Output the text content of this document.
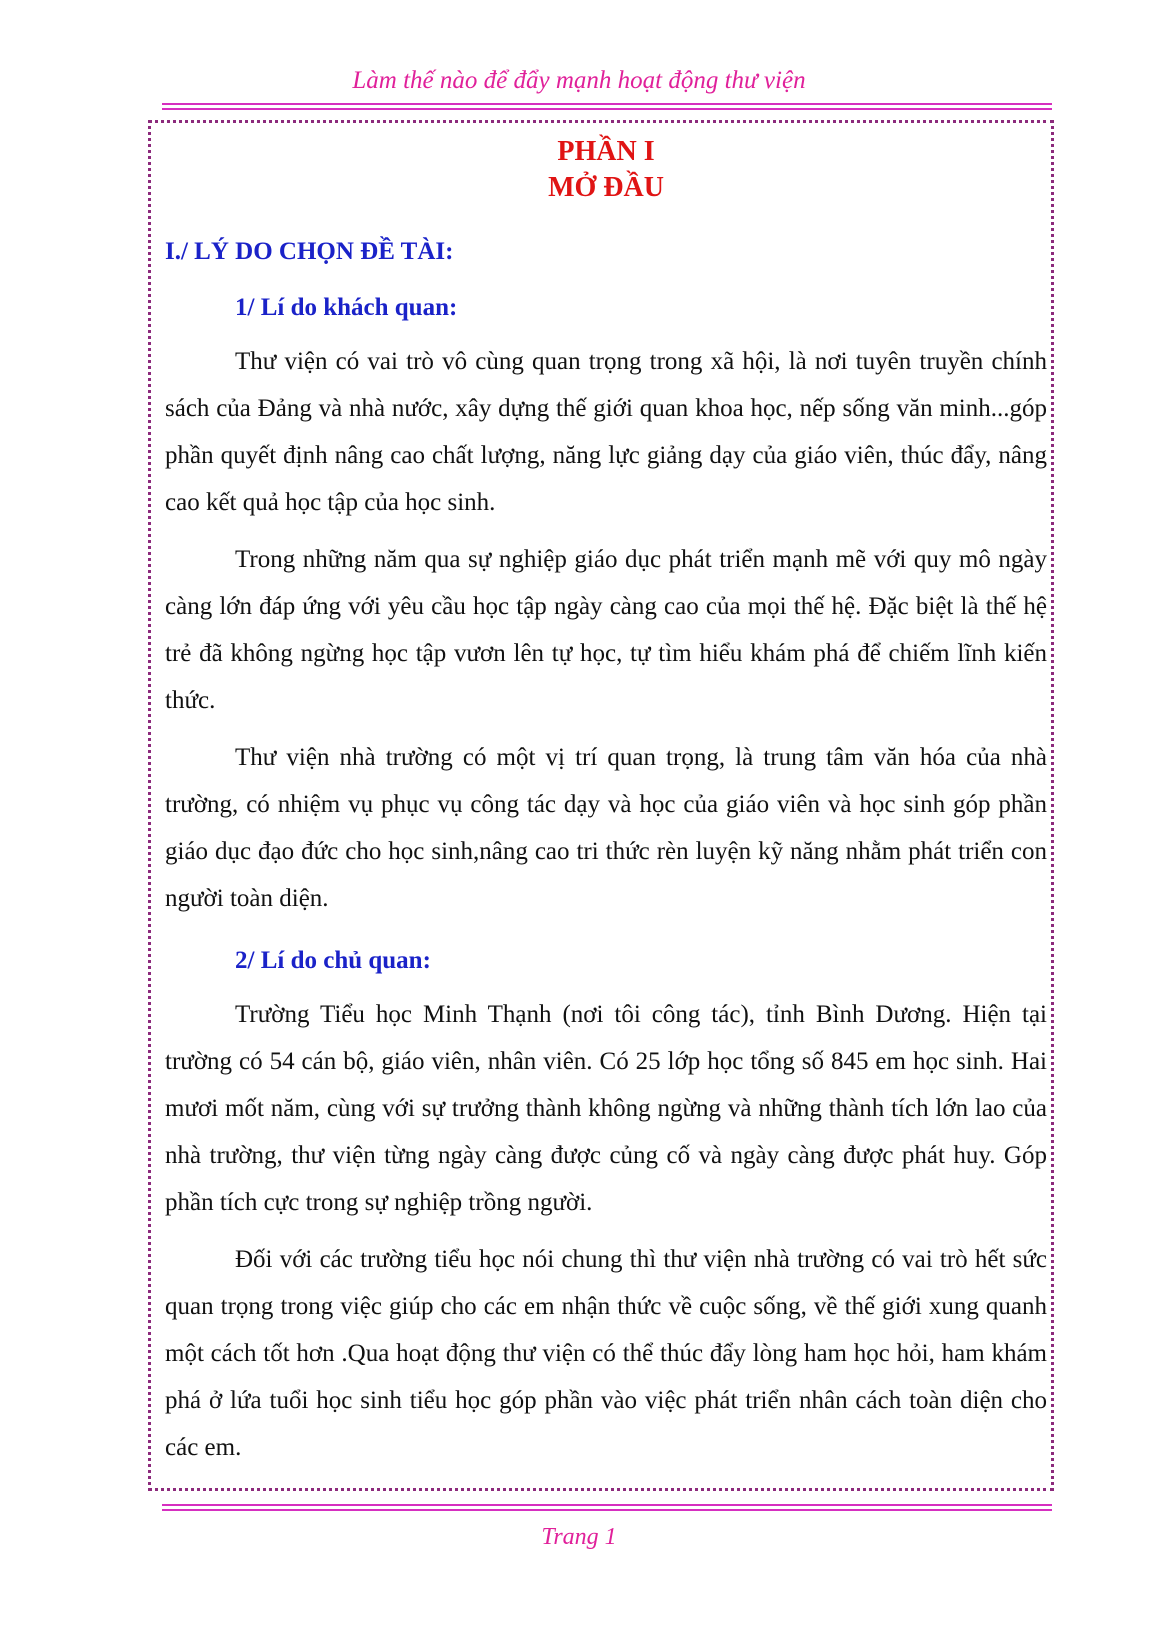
Làm thế nào để đẩy mạnh hoạt động thư viện
PHẦN I
MỞ ĐẦU
I./ LÝ DO CHỌN ĐỀ TÀI:
1/ Lí do khách quan:

Thư viện có vai trò vô cùng quan trọng trong xã hội, là nơi tuyên truyền chính sách của Đảng và nhà nước, xây dựng thế giới quan khoa học, nếp sống văn minh...góp phần quyết định nâng cao chất lượng, năng lực giảng dạy của giáo viên, thúc đẩy, nâng cao kết quả học tập của học sinh.

Trong những năm qua sự nghiệp giáo dục phát triển mạnh mẽ với quy mô ngày càng lớn đáp ứng với yêu cầu học tập ngày càng cao của mọi thế hệ. Đặc biệt là thế hệ trẻ đã không ngừng học tập vươn lên tự học, tự tìm hiểu khám phá để chiếm lĩnh kiến thức.

Thư viện nhà trường có một vị trí quan trọng, là trung tâm văn hóa của nhà trường, có nhiệm vụ phục vụ công tác dạy và học của giáo viên và học sinh góp phần giáo dục đạo đức cho học sinh,nâng cao tri thức rèn luyện kỹ năng nhằm phát triển con người toàn diện.

2/ Lí do chủ quan:

Trường Tiểu học Minh Thạnh (nơi tôi công tác), tỉnh Bình Dương. Hiện tại trường có 54 cán bộ, giáo viên, nhân viên. Có 25 lớp học tổng số 845 em học sinh. Hai mươi mốt năm, cùng với sự trưởng thành không ngừng và những thành tích lớn lao của nhà trường, thư viện từng ngày càng được củng cố và ngày càng được phát huy. Góp phần tích cực trong sự nghiệp trồng người.

Đối với các trường tiểu học nói chung thì thư viện nhà trường có vai trò hết sức quan trọng trong việc giúp cho các em nhận thức về cuộc sống, về thế giới xung quanh một cách tốt hơn .Qua hoạt động thư viện có thể thúc đẩy lòng ham học hỏi, ham khám phá ở lứa tuổi học sinh tiểu học góp phần vào việc phát triển nhân cách toàn diện cho các em.

Trang 1
